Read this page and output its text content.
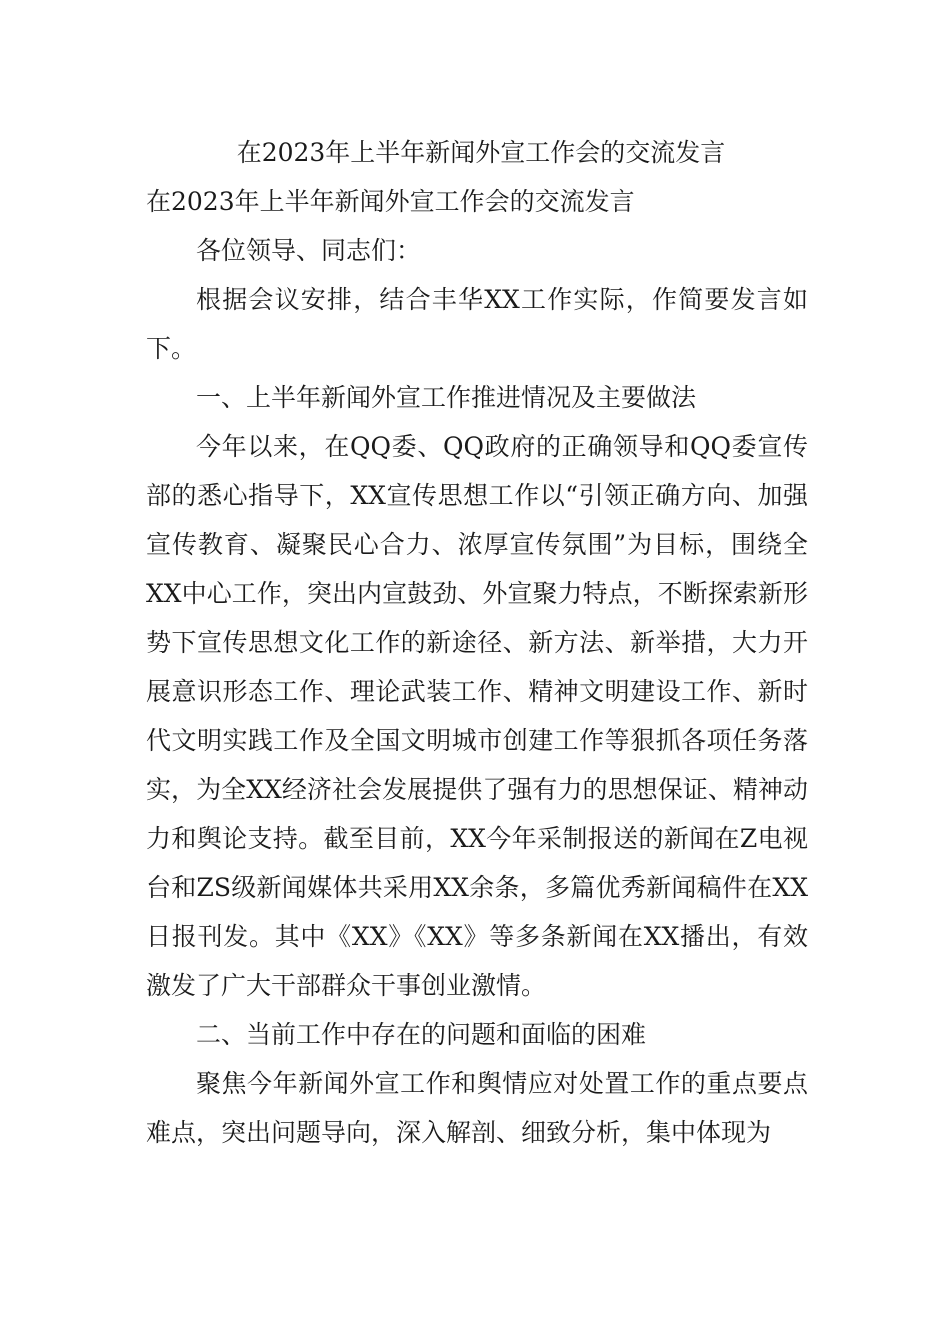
在2023年上半年新闻外宣工作会的交流发言
在2023年上半年新闻外宣工作会的交流发言

各位领导、同志们：

根据会议安排，结合丰华XX工作实际，作简要发言如下。

一、上半年新闻外宣工作推进情况及主要做法

今年以来，在QQ委、QQ政府的正确领导和QQ委宣传部的悉心指导下，XX宣传思想工作以“引领正确方向、加强宣传教育、凝聚民心合力、浓厚宣传氛围”为目标，围绕全XX中心工作，突出内宣鼓劲、外宣聚力特点，不断探索新形势下宣传思想文化工作的新途径、新方法、新举措，大力开展意识形态工作、理论武装工作、精神文明建设工作、新时代文明实践工作及全国文明城市创建工作等狠抓各项任务落实，为全XX经济社会发展提供了强有力的思想保证、精神动力和舆论支持。截至目前，XX今年采制报送的新闻在Z电视台和ZS级新闻媒体共采用XX余条，多篇优秀新闻稿件在XX日报刊发。其中《XX》《XX》等多条新闻在XX播出，有效激发了广大干部群众干事创业激情。

二、当前工作中存在的问题和面临的困难

聚焦今年新闻外宣工作和舆情应对处置工作的重点要点难点，突出问题导向，深入解剖、细致分析，集中体现为
